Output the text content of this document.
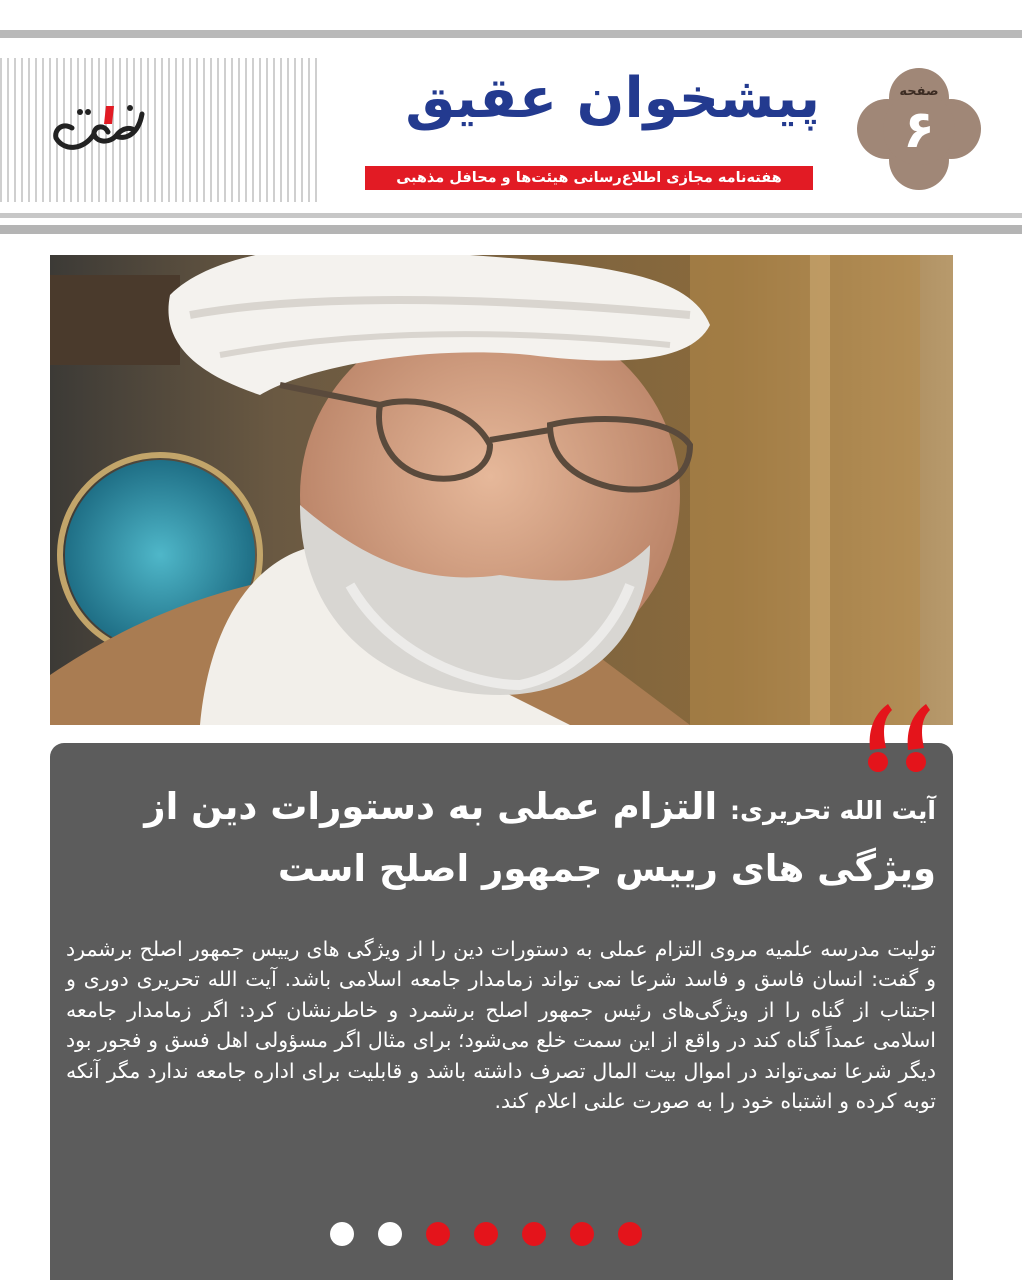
پیشخوان عقیق
هفته‌نامه مجازی اطلاع‌رسانی هیئت‌ها و محافل مذهبی
صفحه
۶
آیت الله تحریری: التزام عملی به دستورات دین از
ویژگی های رییس جمهور اصلح است
تولیت مدرسه علمیه مروی التزام عملی به دستورات دین را از ویژگی های رییس جمهور اصلح برشمرد و گفت: انسان فاسق و فاسد شرعا نمی تواند زمامدار جامعه اسلامی باشد. آیت الله تحریری دوری و اجتناب از گناه را از ویژگی‌های رئیس جمهور اصلح برشمرد و خاطرنشان کرد: اگر زمامدار جامعه اسلامی عمداً گناه کند در واقع از این سمت خلع می‌شود؛ برای مثال اگر مسؤولی اهل فسق و فجور بود دیگر شرعا نمی‌تواند در اموال بیت المال تصرف داشته باشد و قابلیت برای اداره جامعه ندارد مگر آنکه توبه کرده و اشتباه خود را به صورت علنی اعلام کند.
